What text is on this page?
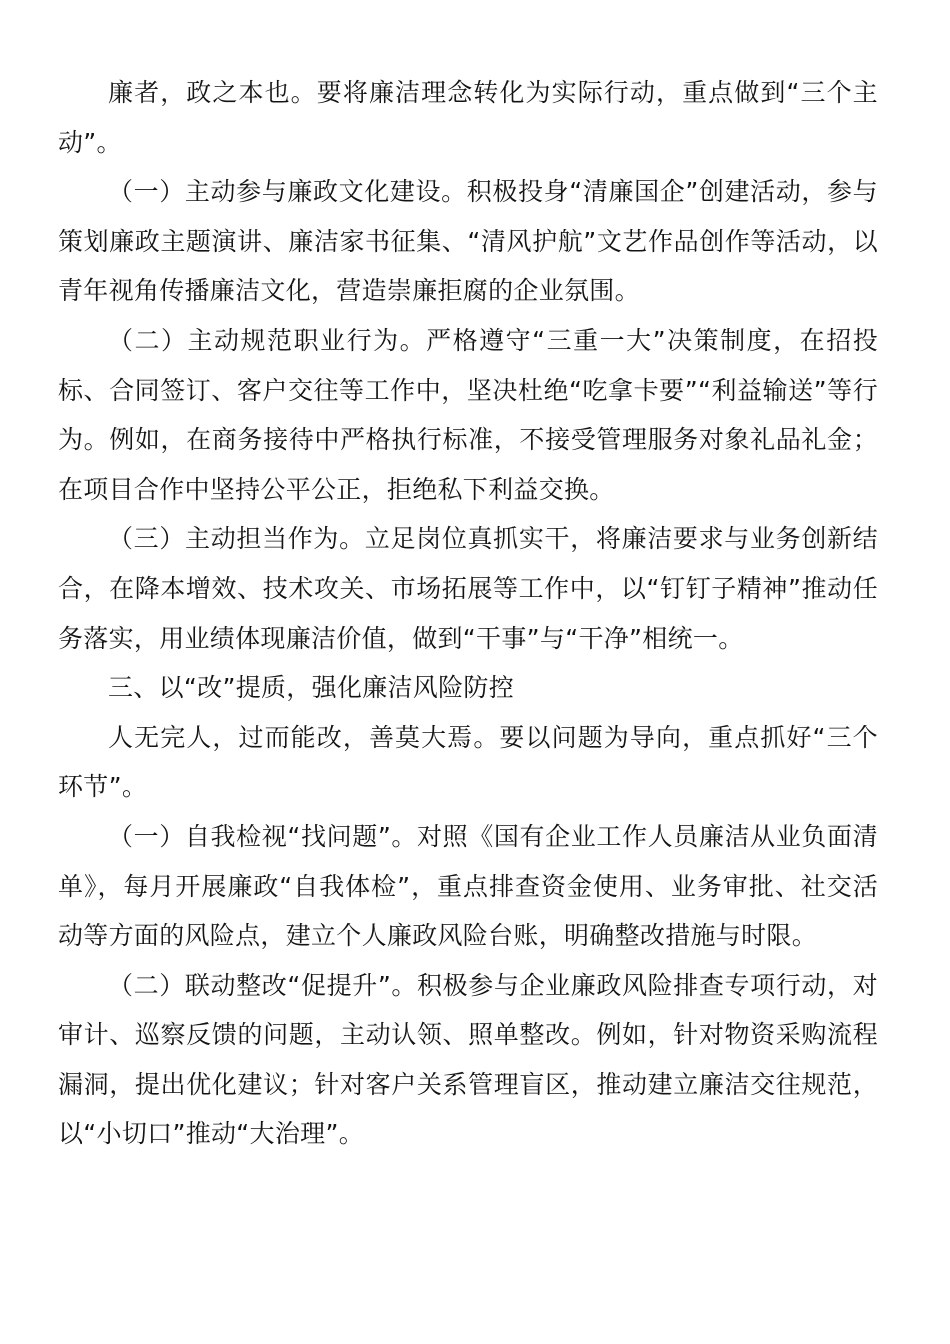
廉者，政之本也。要将廉洁理念转化为实际行动，重点做到“三个主动”。

（一）主动参与廉政文化建设。积极投身“清廉国企”创建活动，参与策划廉政主题演讲、廉洁家书征集、“清风护航”文艺作品创作等活动，以青年视角传播廉洁文化，营造崇廉拒腐的企业氛围。

（二）主动规范职业行为。严格遵守“三重一大”决策制度，在招投标、合同签订、客户交往等工作中，坚决杜绝“吃拿卡要”“利益输送”等行为。例如，在商务接待中严格执行标准，不接受管理服务对象礼品礼金；在项目合作中坚持公平公正，拒绝私下利益交换。

（三）主动担当作为。立足岗位真抓实干，将廉洁要求与业务创新结合，在降本增效、技术攻关、市场拓展等工作中，以“钉钉子精神”推动任务落实，用业绩体现廉洁价值，做到“干事”与“干净”相统一。

三、以“改”提质，强化廉洁风险防控

人无完人，过而能改，善莫大焉。要以问题为导向，重点抓好“三个环节”。

（一）自我检视“找问题”。对照《国有企业工作人员廉洁从业负面清单》，每月开展廉政“自我体检”，重点排查资金使用、业务审批、社交活动等方面的风险点，建立个人廉政风险台账，明确整改措施与时限。

（二）联动整改“促提升”。积极参与企业廉政风险排查专项行动，对审计、巡察反馈的问题，主动认领、照单整改。例如，针对物资采购流程漏洞，提出优化建议；针对客户关系管理盲区，推动建立廉洁交往规范，以“小切口”推动“大治理”。
